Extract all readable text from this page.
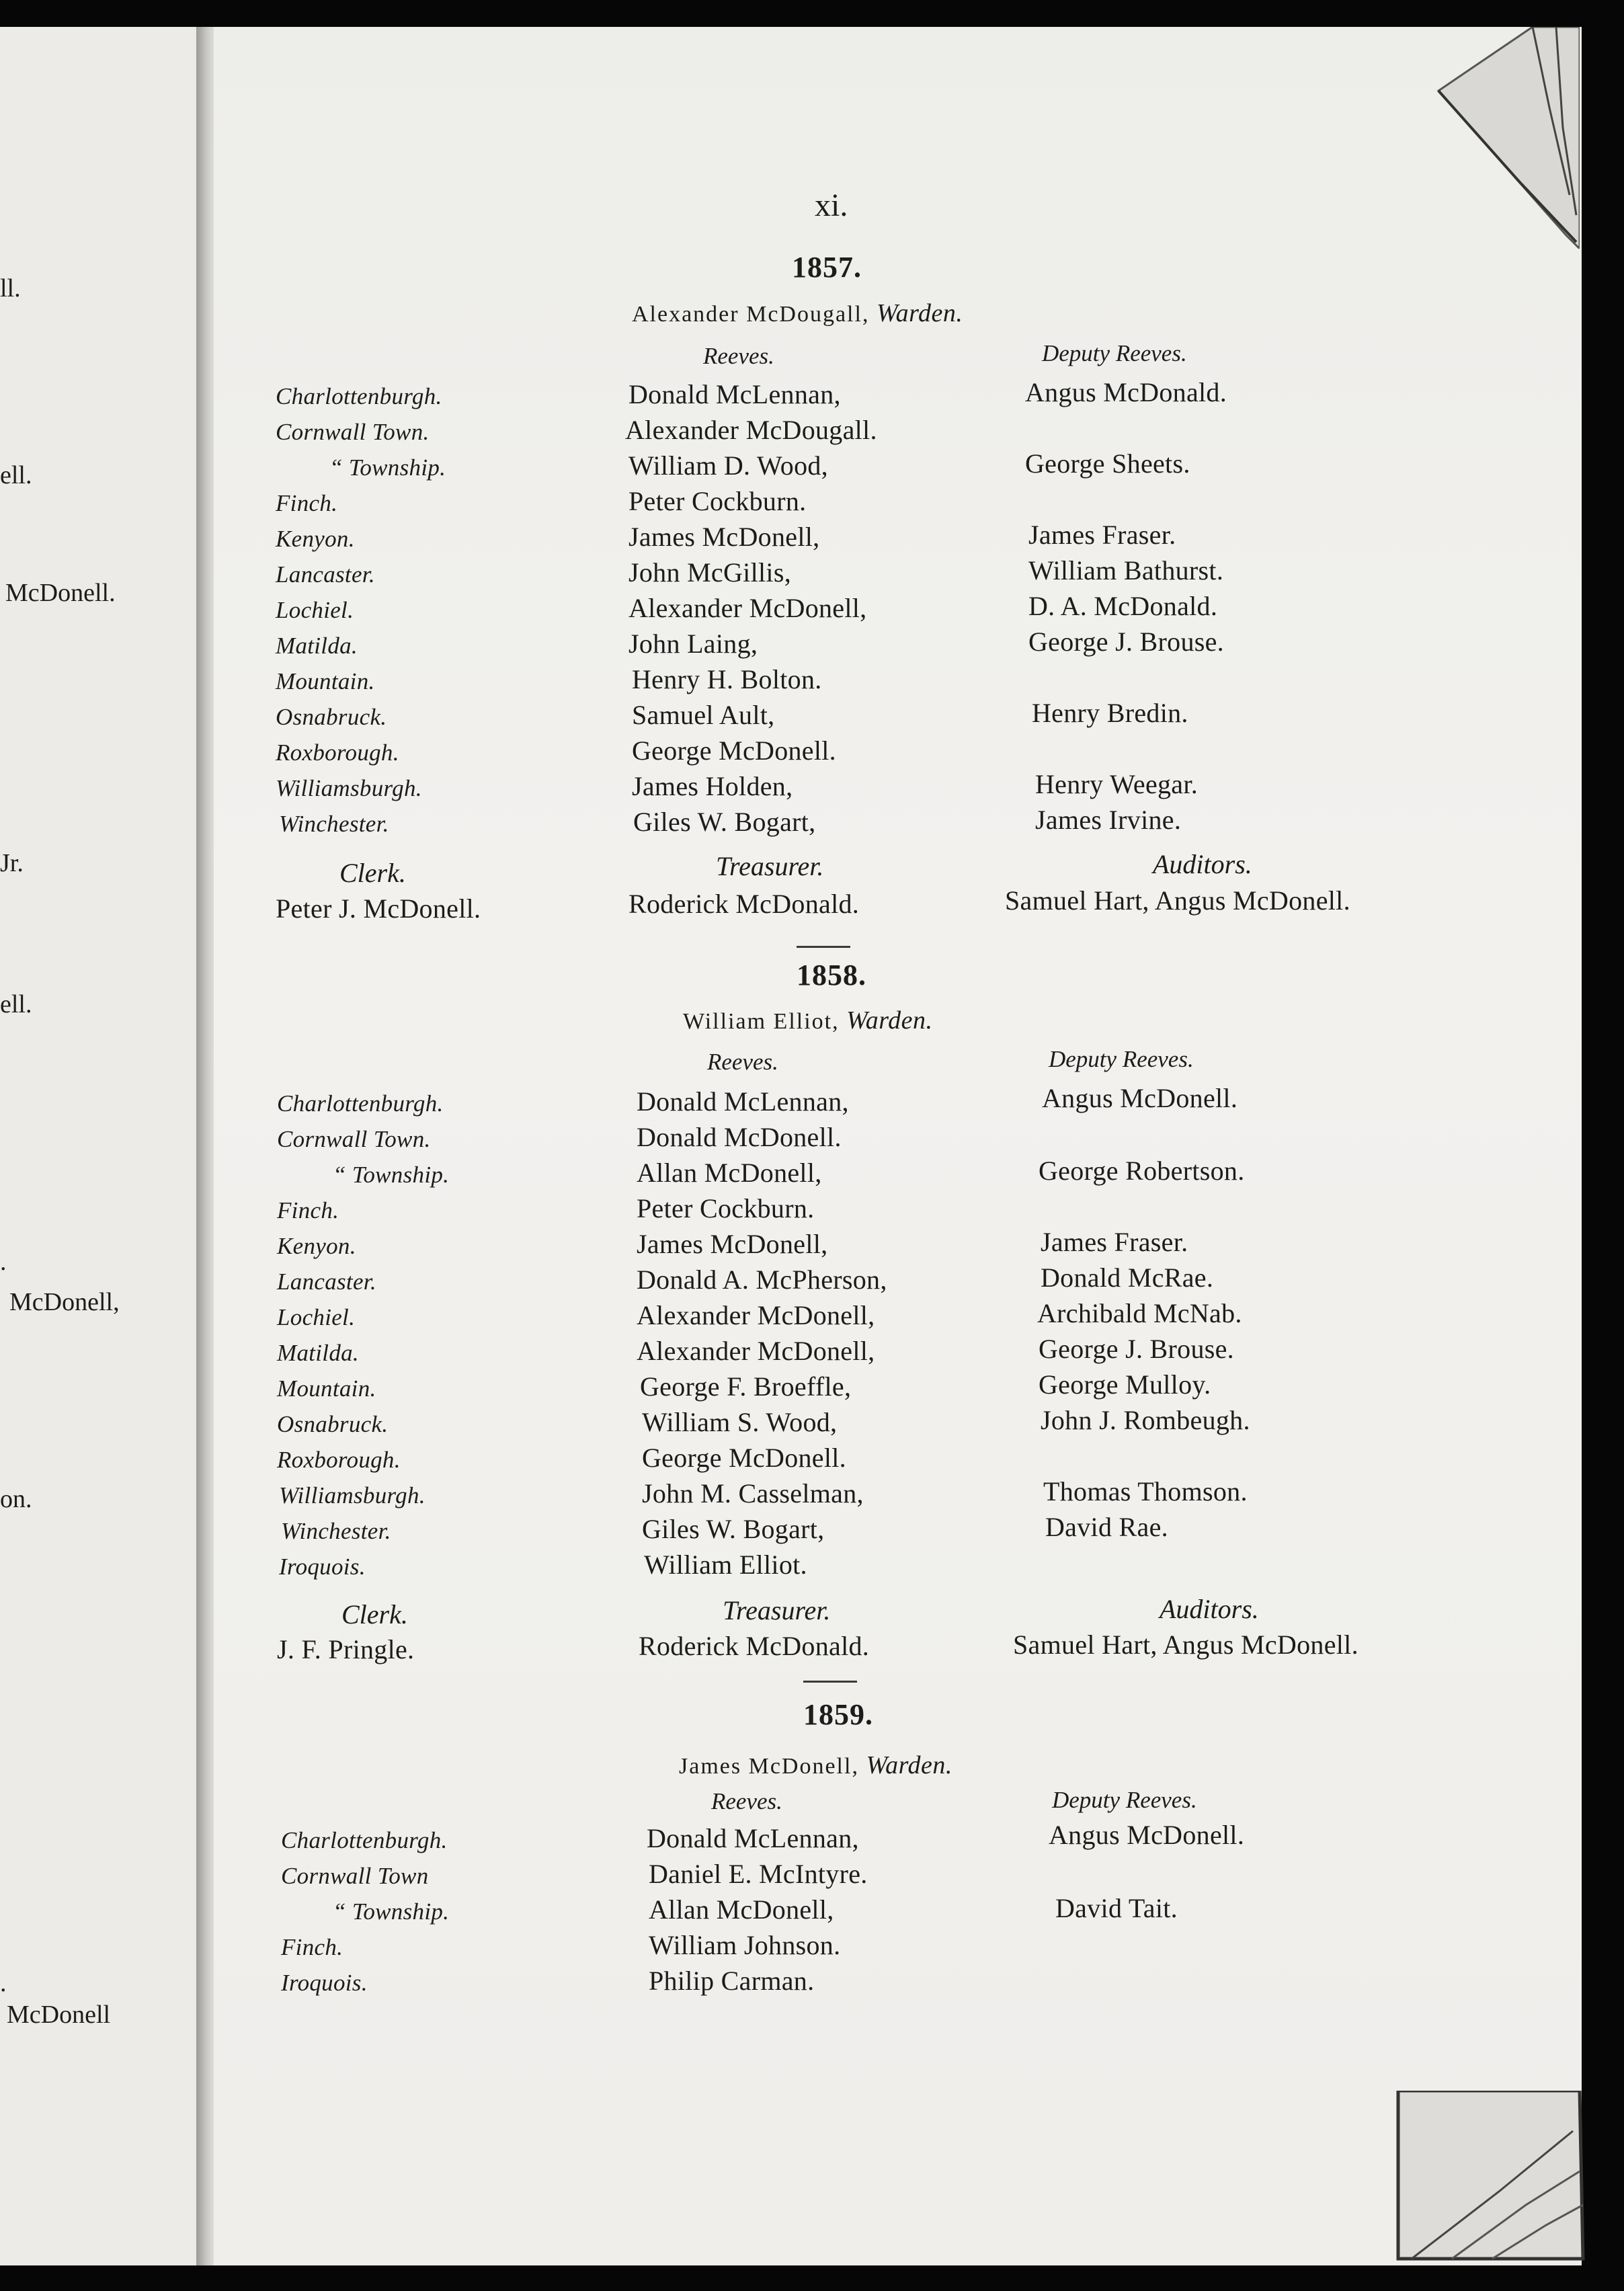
ll.
ell.
McDonell.
Jr.
ell.
.
McDonell,
on.
.
McDonell
xi.
1857.
Alexander McDougall, Warden.
Reeves.	Deputy Reeves.
Charlottenburgh.	Donald McLennan,	Angus McDonald.
Cornwall Town.	Alexander McDougall.
“ Township.	William D. Wood,	George Sheets.
Finch.	Peter Cockburn.
Kenyon.	James McDonell,	James Fraser.
Lancaster.	John McGillis,	William Bathurst.
Lochiel.	Alexander McDonell,	D. A. McDonald.
Matilda.	John Laing,	George J. Brouse.
Mountain.	Henry H. Bolton.
Osnabruck.	Samuel Ault,	Henry Bredin.
Roxborough.	George McDonell.
Williamsburgh.	James Holden,	Henry Weegar.
Winchester.	Giles W. Bogart,	James Irvine.
Clerk.	Treasurer.	Auditors.
Peter J. McDonell.	Roderick McDonald.	Samuel Hart, Angus McDonell.
1858.
William Elliot, Warden.
Reeves.	Deputy Reeves.
Charlottenburgh.	Donald McLennan,	Angus McDonell.
Cornwall Town.	Donald McDonell.
“ Township.	Allan McDonell,	George Robertson.
Finch.	Peter Cockburn.
Kenyon.	James McDonell,	James Fraser.
Lancaster.	Donald A. McPherson,	Donald McRae.
Lochiel.	Alexander McDonell,	Archibald McNab.
Matilda.	Alexander McDonell,	George J. Brouse.
Mountain.	George F. Broeffle,	George Mulloy.
Osnabruck.	William S. Wood,	John J. Rombeugh.
Roxborough.	George McDonell.
Williamsburgh.	John M. Casselman,	Thomas Thomson.
Winchester.	Giles W. Bogart,	David Rae.
Iroquois.	William Elliot.
Clerk.	Treasurer.	Auditors.
J. F. Pringle.	Roderick McDonald.	Samuel Hart, Angus McDonell.
1859.
James McDonell, Warden.
Reeves.	Deputy Reeves.
Charlottenburgh.	Donald McLennan,	Angus McDonell.
Cornwall Town	Daniel E. McIntyre.
“ Township.	Allan McDonell,	David Tait.
Finch.	William Johnson.
Iroquois.	Philip Carman.
